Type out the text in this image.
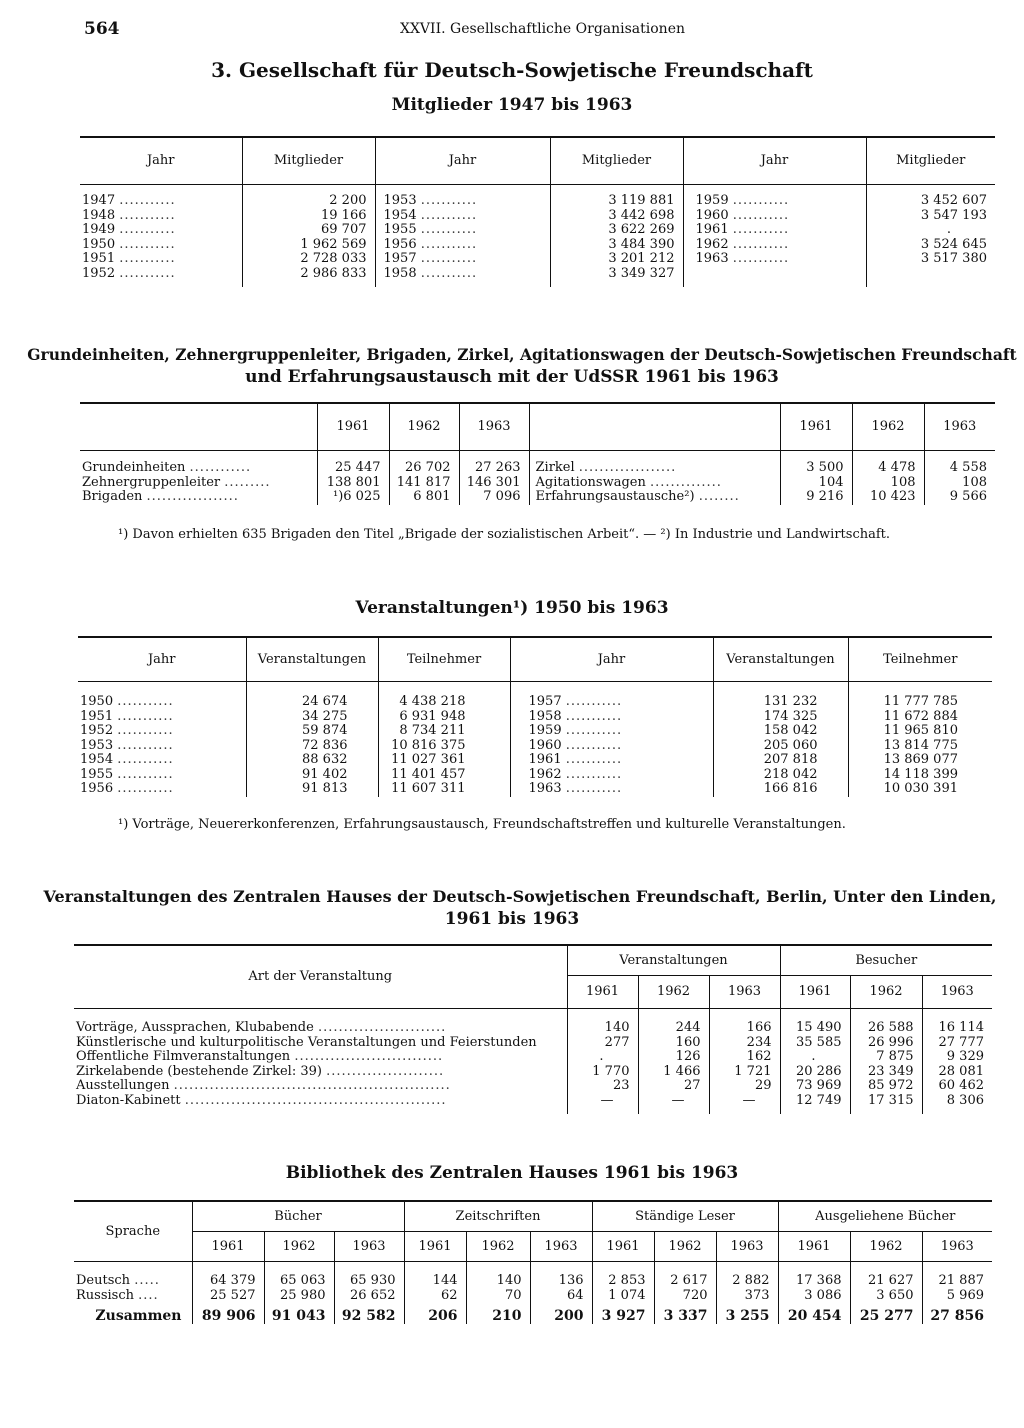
564	XXVII. Gesellschaftliche Organisationen
3. Gesellschaft für Deutsch-Sowjetische Freundschaft
Mitglieder 1947 bis 1963
Jahr	Mitglieder	Jahr	Mitglieder	Jahr	Mitglieder

1947 ...........	2 200	1953 ...........	3 119 881	1959 ...........	3 452 607
1948 ...........	19 166	1954 ...........	3 442 698	1960 ...........	3 547 193
1949 ...........	69 707	1955 ...........	3 622 269	1961 ...........	.
1950 ...........	1 962 569	1956 ...........	3 484 390	1962 ...........	3 524 645
1951 ...........	2 728 033	1957 ...........	3 201 212	1963 ...........	3 517 380
1952 ...........	2 986 833	1958 ...........	3 349 327		

Grundeinheiten, Zehnergruppenleiter, Brigaden, Zirkel, Agitationswagen der Deutsch-Sowjetischen Freundschaft
und Erfahrungsaustausch mit der UdSSR 1961 bis 1963
	1961	1962	1963		1961	1962	1963

Grundeinheiten ............	25 447	26 702	27 263	Zirkel ...................	3 500	4 478	4 558
Zehnergruppenleiter .........	138 801	141 817	146 301	Agitationswagen ..............	104	108	108
Brigaden ..................	¹)6 025	6 801	7 096	Erfahrungsaustausche²) ........	9 216	10 423	9 566
¹) Davon erhielten 635 Brigaden den Titel „Brigade der sozialistischen Arbeit“. — ²) In Industrie und Landwirtschaft.
Veranstaltungen¹) 1950 bis 1963
Jahr	Veranstaltungen	Teilnehmer	Jahr	Veranstaltungen	Teilnehmer

1950 ...........	24 674	4 438 218	1957 ...........	131 232	11 777 785
1951 ...........	34 275	6 931 948	1958 ...........	174 325	11 672 884
1952 ...........	59 874	8 734 211	1959 ...........	158 042	11 965 810
1953 ...........	72 836	10 816 375	1960 ...........	205 060	13 814 775
1954 ...........	88 632	11 027 361	1961 ...........	207 818	13 869 077
1955 ...........	91 402	11 401 457	1962 ...........	218 042	14 118 399
1956 ...........	91 813	11 607 311	1963 ...........	166 816	10 030 391
¹) Vorträge, Neuererkonferenzen, Erfahrungsaustausch, Freundschaftstreffen und kulturelle Veranstaltungen.
Veranstaltungen des Zentralen Hauses der Deutsch-Sowjetischen Freundschaft, Berlin, Unter den Linden,
1961 bis 1963
Art der Veranstaltung	Veranstaltungen			Besucher		
	1961	1962	1963	1961	1962	1963

Vorträge, Aussprachen, Klubabende .........................	140	244	166	15 490	26 588	16 114
Künstlerische und kulturpolitische Veranstaltungen und Feierstunden	277	160	234	35 585	26 996	27 777
Öffentliche Filmveranstaltungen .............................	.	126	162	.	7 875	9 329
Zirkelabende (bestehende Zirkel: 39) .......................	1 770	1 466	1 721	20 286	23 349	28 081
Ausstellungen ......................................................	23	27	29	73 969	85 972	60 462
Diaton-Kabinett ...................................................	—	—	—	12 749	17 315	8 306

Bibliothek des Zentralen Hauses 1961 bis 1963
Sprache	Bücher			Zeitschriften			Ständige Leser			Ausgeliehene Bücher		
	1961	1962	1963	1961	1962	1963	1961	1962	1963	1961	1962	1963

Deutsch .....	64 379	65 063	65 930	144	140	136	2 853	2 617	2 882	17 368	21 627	21 887
Russisch ....	25 527	25 980	26 652	62	70	64	1 074	720	373	3 086	3 650	5 969
Zusammen	89 906	91 043	92 582	206	210	200	3 927	3 337	3 255	20 454	25 277	27 856
